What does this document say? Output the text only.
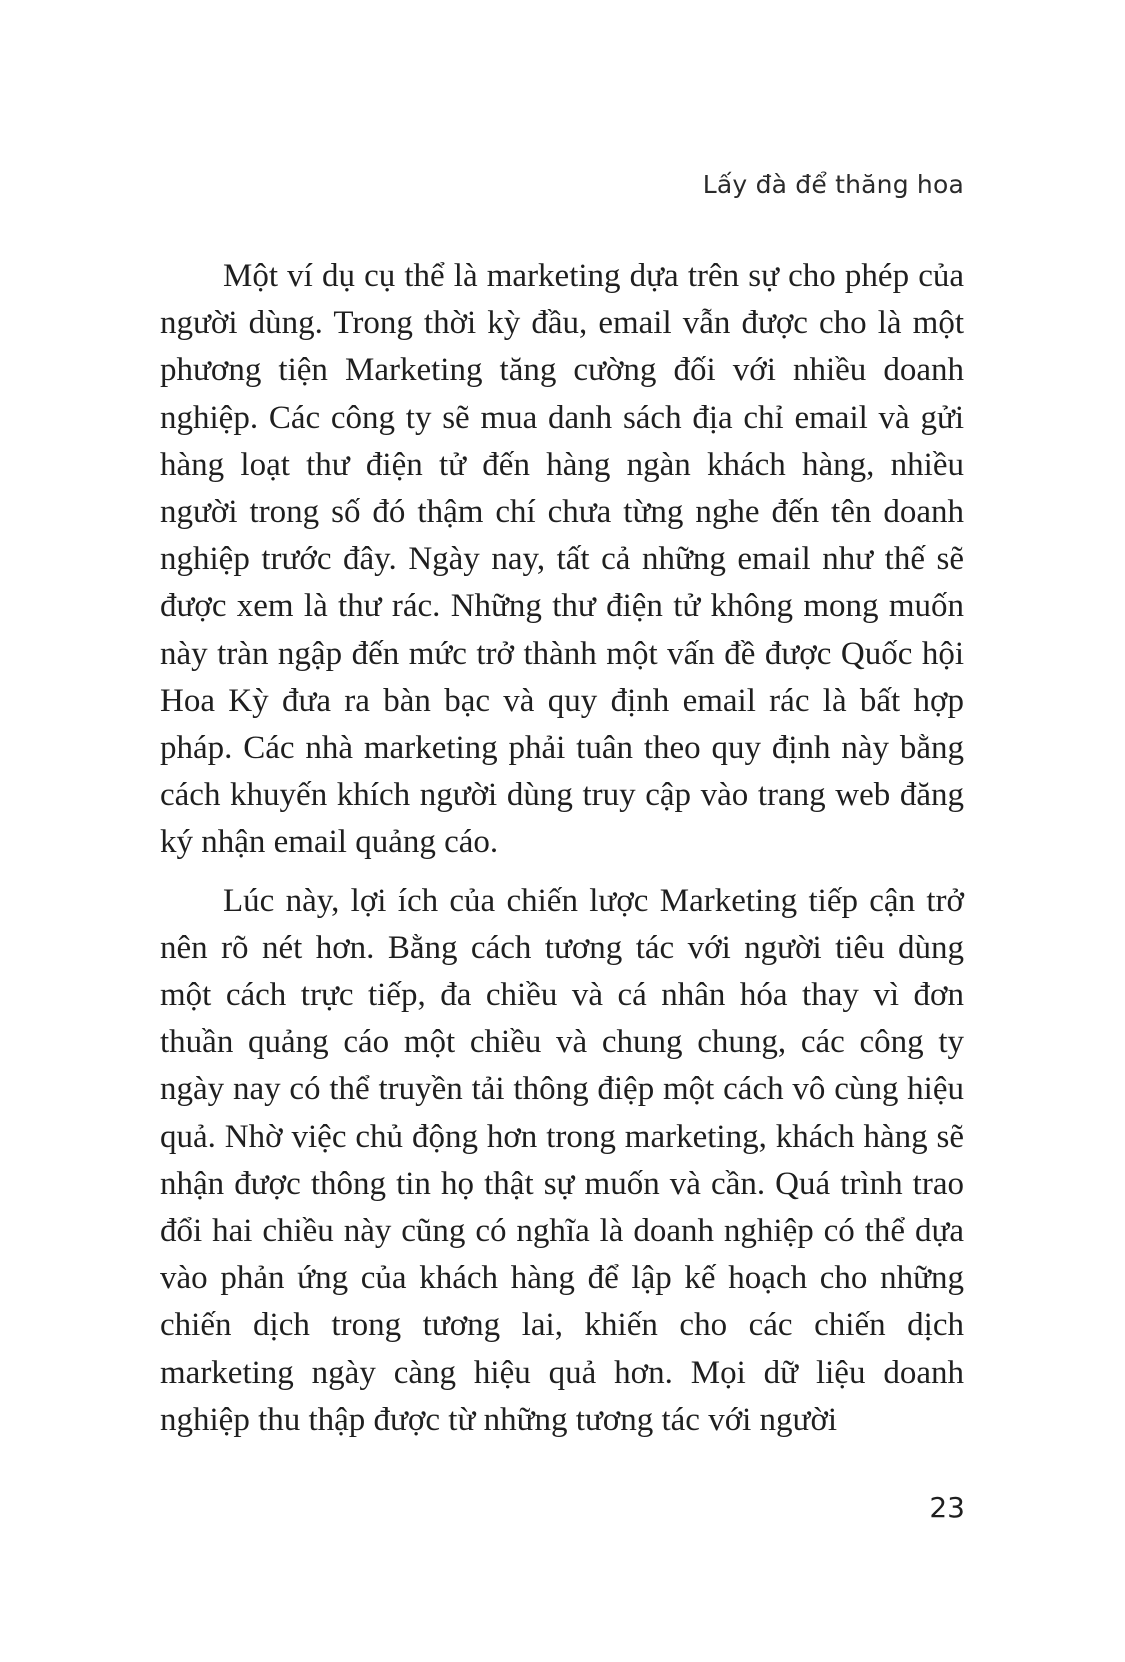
Lấy đà để thăng hoa

Một ví dụ cụ thể là marketing dựa trên sự cho phép của người dùng. Trong thời kỳ đầu, email vẫn được cho là một phương tiện Marketing tăng cường đối với nhiều doanh nghiệp. Các công ty sẽ mua danh sách địa chỉ email và gửi hàng loạt thư điện tử đến hàng ngàn khách hàng, nhiều người trong số đó thậm chí chưa từng nghe đến tên doanh nghiệp trước đây. Ngày nay, tất cả những email như thế sẽ được xem là thư rác. Những thư điện tử không mong muốn này tràn ngập đến mức trở thành một vấn đề được Quốc hội Hoa Kỳ đưa ra bàn bạc và quy định email rác là bất hợp pháp. Các nhà marketing phải tuân theo quy định này bằng cách khuyến khích người dùng truy cập vào trang web đăng ký nhận email quảng cáo.

Lúc này, lợi ích của chiến lược Marketing tiếp cận trở nên rõ nét hơn. Bằng cách tương tác với người tiêu dùng một cách trực tiếp, đa chiều và cá nhân hóa thay vì đơn thuần quảng cáo một chiều và chung chung, các công ty ngày nay có thể truyền tải thông điệp một cách vô cùng hiệu quả. Nhờ việc chủ động hơn trong marketing, khách hàng sẽ nhận được thông tin họ thật sự muốn và cần. Quá trình trao đổi hai chiều này cũng có nghĩa là doanh nghiệp có thể dựa vào phản ứng của khách hàng để lập kế hoạch cho những chiến dịch trong tương lai, khiến cho các chiến dịch marketing ngày càng hiệu quả hơn. Mọi dữ liệu doanh nghiệp thu thập được từ những tương tác với người

23
